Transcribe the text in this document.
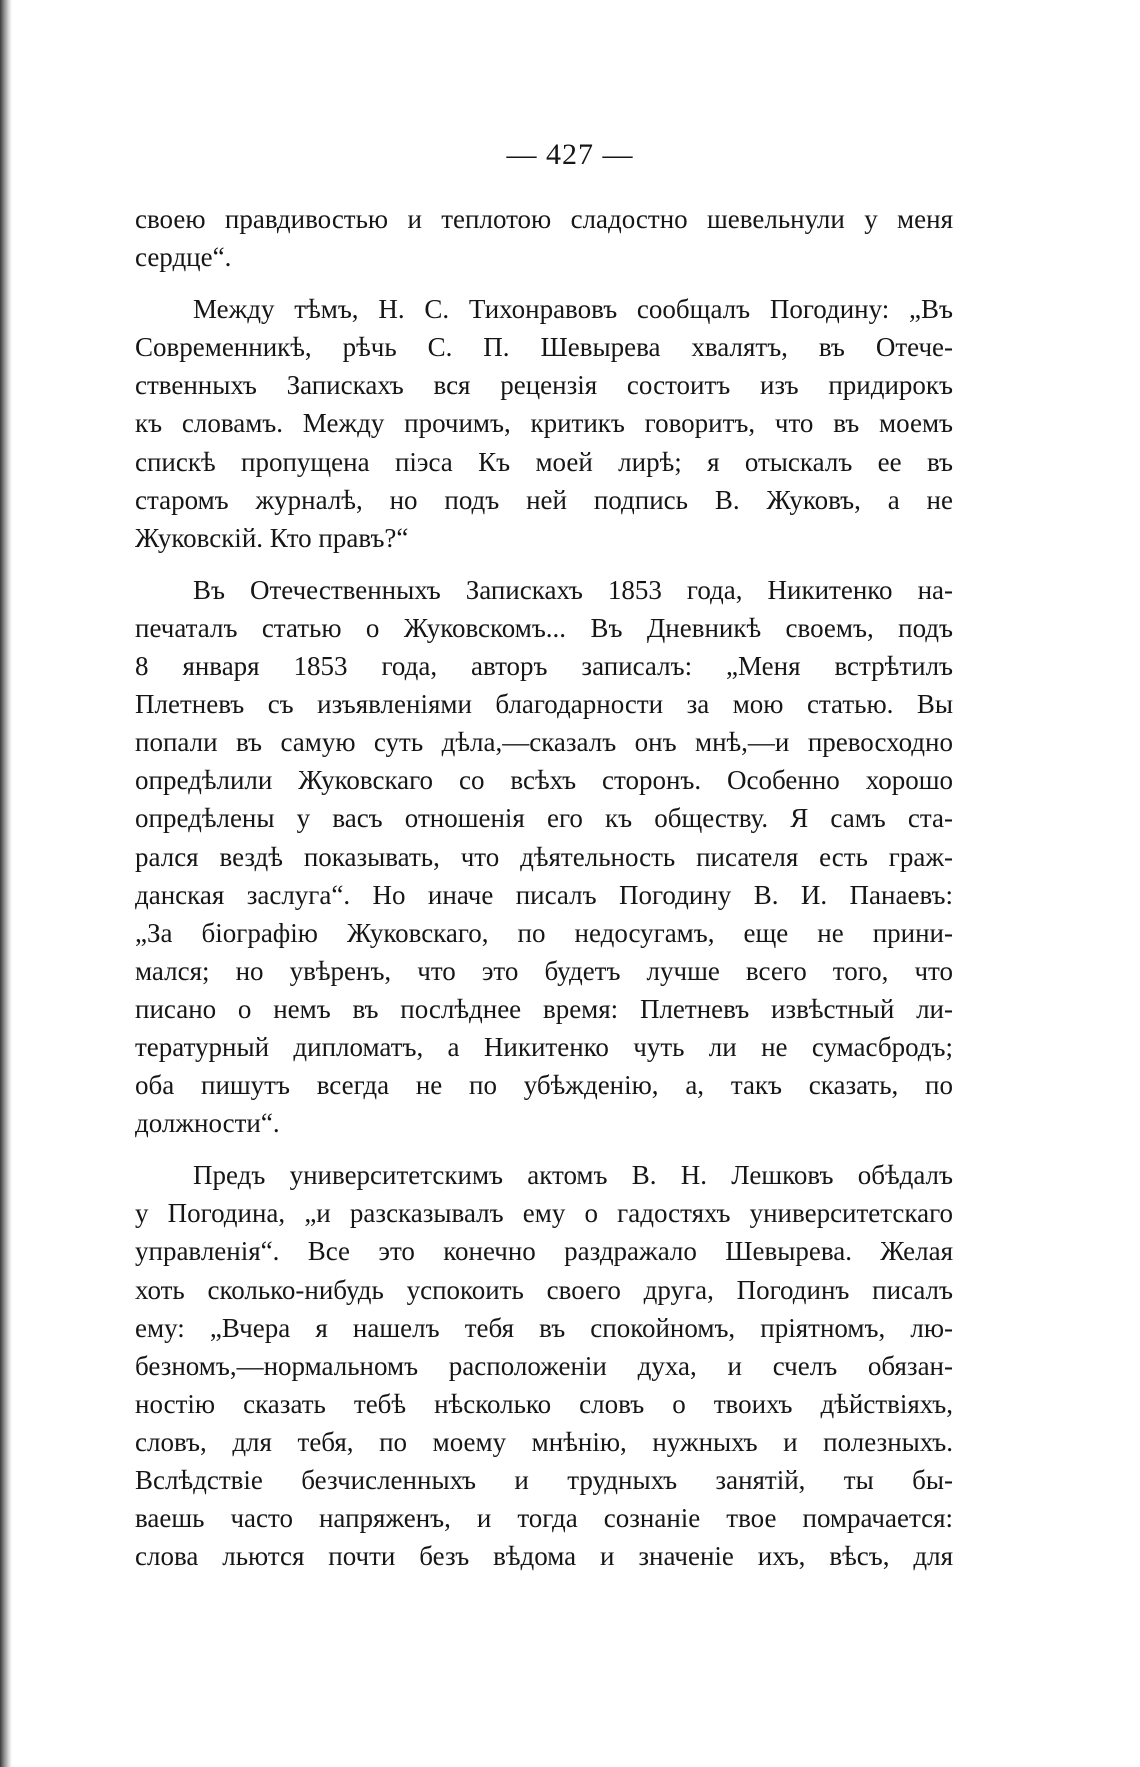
— 427 —
своею правдивостью и теплотою сладостно шевельнули у меня
сердце“.
Между тѣмъ, Н. С. Тихонравовъ сообщалъ Погодину: „Въ
Современникѣ, рѣчь С. П. Шевырева хвалятъ, въ Отече-
ственныхъ Запискахъ вся рецензія состоитъ изъ придирокъ
къ словамъ. Между прочимъ, критикъ говоритъ, что въ моемъ
спискѣ пропущена піэса Къ моей лирѣ; я отыскалъ ее въ
старомъ журналѣ, но подъ ней подпись В. Жуковъ, а не
Жуковскій. Кто правъ?“
Въ Отечественныхъ Запискахъ 1853 года, Никитенко на-
печаталъ статью о Жуковскомъ... Въ Дневникѣ своемъ, подъ
8 января 1853 года, авторъ записалъ: „Меня встрѣтилъ
Плетневъ съ изъявленіями благодарности за мою статью. Вы
попали въ самую суть дѣла,—сказалъ онъ мнѣ,—и превосходно
опредѣлили Жуковскаго со всѣхъ сторонъ. Особенно хорошо
опредѣлены у васъ отношенія его къ обществу. Я самъ ста-
рался вездѣ показывать, что дѣятельность писателя есть граж-
данская заслуга“. Но иначе писалъ Погодину В. И. Панаевъ:
„За біографію Жуковскаго, по недосугамъ, еще не прини-
мался; но увѣренъ, что это будетъ лучше всего того, что
писано о немъ въ послѣднее время: Плетневъ извѣстный ли-
тературный дипломатъ, а Никитенко чуть ли не сумасбродъ;
оба пишутъ всегда не по убѣжденію, а, такъ сказать, по
должности“.
Предъ университетскимъ актомъ В. Н. Лешковъ обѣдалъ
у Погодина, „и разсказывалъ ему о гадостяхъ университетскаго
управленія“. Все это конечно раздражало Шевырева. Желая
хоть сколько-нибудь успокоить своего друга, Погодинъ писалъ
ему: „Вчера я нашелъ тебя въ спокойномъ, пріятномъ, лю-
безномъ,—нормальномъ расположеніи духа, и счелъ обязан-
ностію сказать тебѣ нѣсколько словъ о твоихъ дѣйствіяхъ,
словъ, для тебя, по моему мнѣнію, нужныхъ и полезныхъ.
Вслѣдствіе безчисленныхъ и трудныхъ занятій, ты бы-
ваешь часто напряженъ, и тогда сознаніе твое помрачается:
слова льются почти безъ вѣдома и значеніе ихъ, вѣсъ, для
